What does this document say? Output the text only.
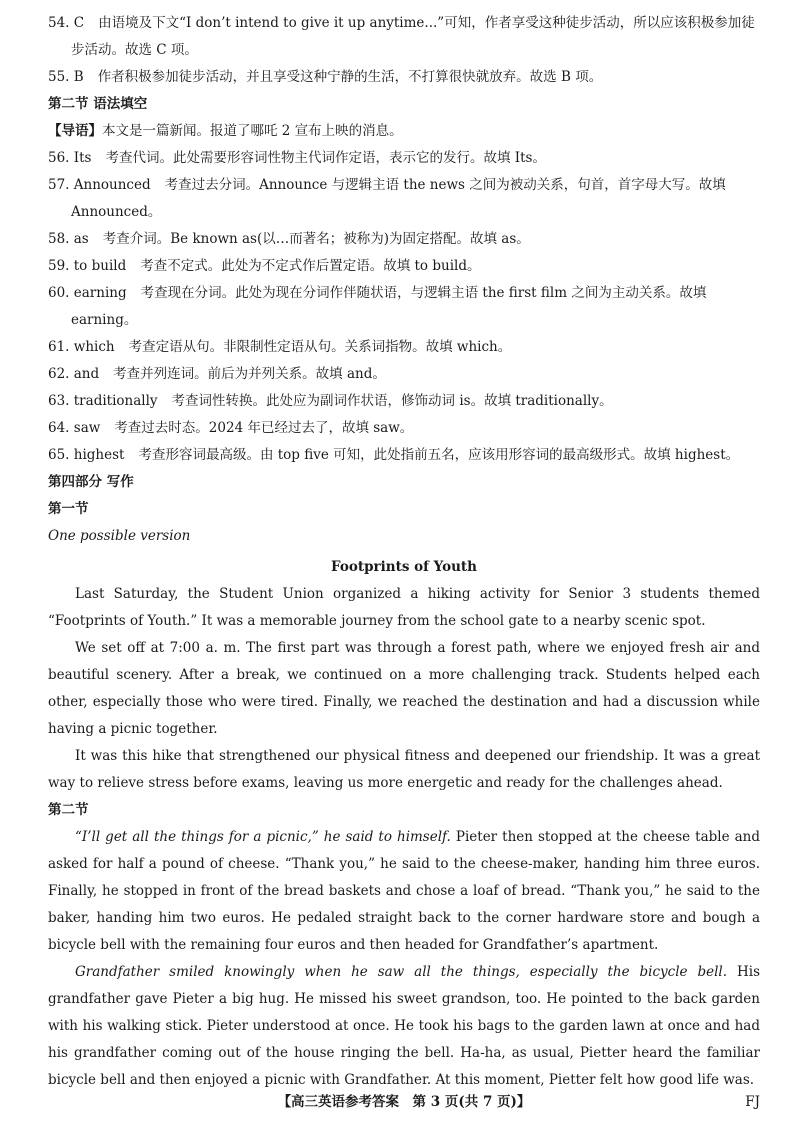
54. C 由语境及下文“I don’t intend to give it up anytime...”可知，作者享受这种徒步活动，所以应该积极参加徒步活动。故选 C 项。
55. B 作者积极参加徒步活动，并且享受这种宁静的生活，不打算很快就放弃。故选 B 项。
第二节 语法填空
【导语】本文是一篇新闻。报道了哪吒 2 宣布上映的消息。
56. Its 考查代词。此处需要形容词性物主代词作定语，表示它的发行。故填 Its。
57. Announced 考查过去分词。Announce 与逻辑主语 the news 之间为被动关系，句首，首字母大写。故填 Announced。
58. as 考查介词。Be known as(以…而著名；被称为)为固定搭配。故填 as。
59. to build 考查不定式。此处为不定式作后置定语。故填 to build。
60. earning 考查现在分词。此处为现在分词作伴随状语，与逻辑主语 the first film 之间为主动关系。故填 earning。
61. which 考查定语从句。非限制性定语从句。关系词指物。故填 which。
62. and 考查并列连词。前后为并列关系。故填 and。
63. traditionally 考查词性转换。此处应为副词作状语，修饰动词 is。故填 traditionally。
64. saw 考查过去时态。2024 年已经过去了，故填 saw。
65. highest 考查形容词最高级。由 top five 可知，此处指前五名，应该用形容词的最高级形式。故填 highest。
第四部分 写作
第一节
One possible version
Footprints of Youth
Last Saturday, the Student Union organized a hiking activity for Senior 3 students themed “Footprints of Youth.” It was a memorable journey from the school gate to a nearby scenic spot.
We set off at 7:00 a. m. The first part was through a forest path, where we enjoyed fresh air and beautiful scenery. After a break, we continued on a more challenging track. Students helped each other, especially those who were tired. Finally, we reached the destination and had a discussion while having a picnic together.
It was this hike that strengthened our physical fitness and deepened our friendship. It was a great way to relieve stress before exams, leaving us more energetic and ready for the challenges ahead.
第二节
“I’ll get all the things for a picnic,” he said to himself. Pieter then stopped at the cheese table and asked for half a pound of cheese. “Thank you,” he said to the cheese-maker, handing him three euros. Finally, he stopped in front of the bread baskets and chose a loaf of bread. “Thank you,” he said to the baker, handing him two euros. He pedaled straight back to the corner hardware store and bough a bicycle bell with the remaining four euros and then headed for Grandfather’s apartment.
Grandfather smiled knowingly when he saw all the things, especially the bicycle bell. His grandfather gave Pieter a big hug. He missed his sweet grandson, too. He pointed to the back garden with his walking stick. Pieter understood at once. He took his bags to the garden lawn at once and had his grandfather coming out of the house ringing the bell. Ha-ha, as usual, Pietter heard the familiar bicycle bell and then enjoyed a picnic with Grandfather. At this moment, Pietter felt how good life was.
【高三英语参考答案　第 3 页(共 7 页)】	FJ
